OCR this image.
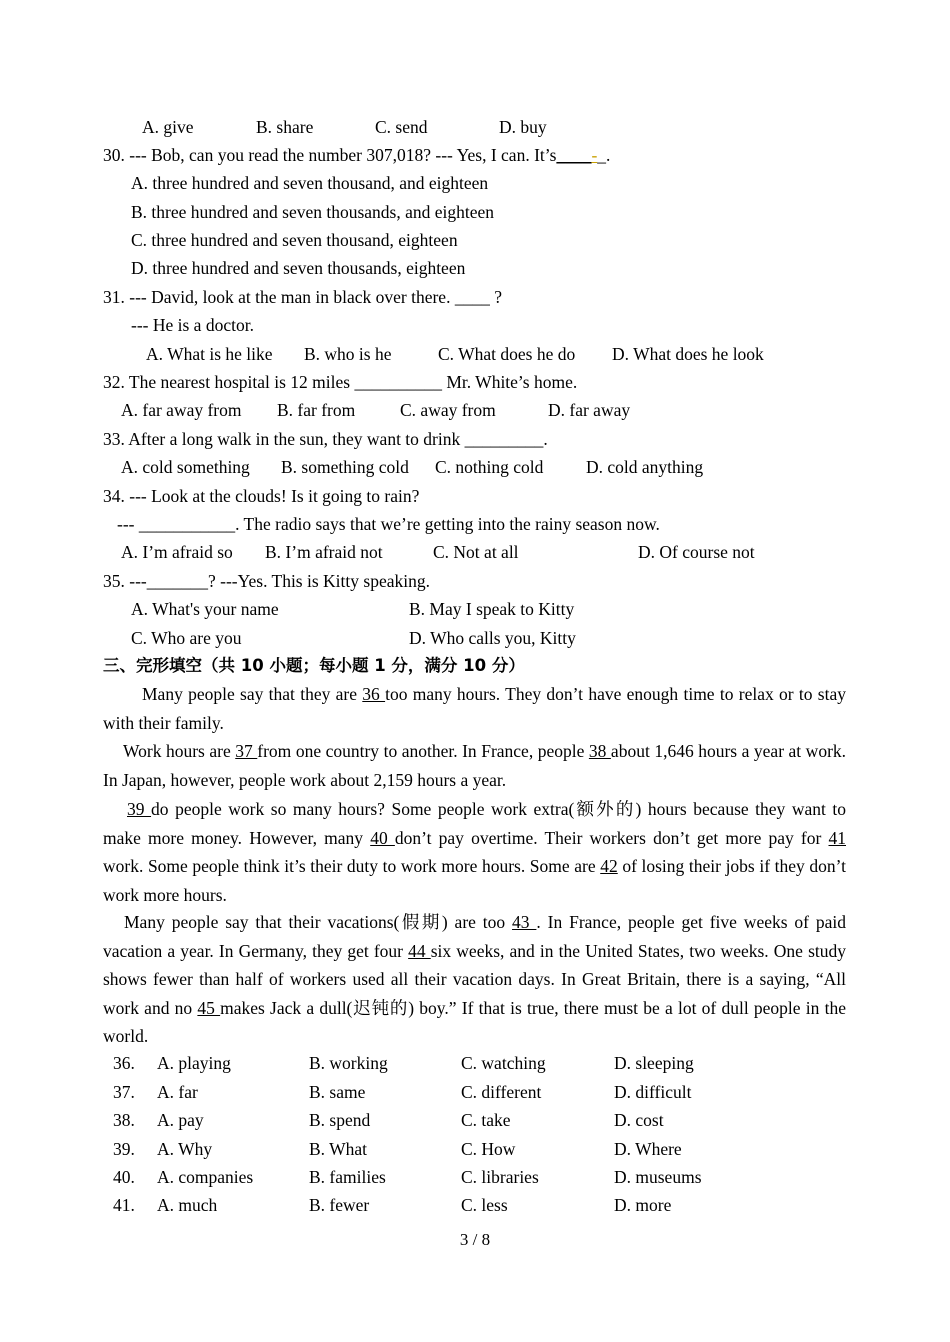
A. give	B. share	C. send	D. buy
30. --- Bob, can you read the number 307,018? --- Yes, I can. It’s____-_.
A. three hundred and seven thousand, and eighteen
B. three hundred and seven thousands, and eighteen
C. three hundred and seven thousand, eighteen
D. three hundred and seven thousands, eighteen
31. --- David, look at the man in black over there. ____ ?
--- He is a doctor.
A. What is he like B. who is he	C. What does he do D. What does he look
32. The nearest hospital is 12 miles __________ Mr. White’s home.
A. far away from B. far from	C. away from	D. far away
33. After a long walk in the sun, they want to drink _________.
A. cold something B. something cold C. nothing cold D. cold anything
34. --- Look at the clouds! Is it going to rain?
--- ___________. The radio says that we’re getting into the rainy season now.
A. I’m afraid so B. I’m afraid not	C. Not at all	D. Of course not
35. ---_______? ---Yes. This is Kitty speaking.
A. What's your name	B. May I speak to Kitty
C. Who are you	D. Who calls you, Kitty
三、完形填空（共 10 小题；每小题 1 分，满分 10 分）
Many people say that they are 36 too many hours. They don’t have enough time to relax or to stay with their family.
Work hours are 37 from one country to another. In France, people 38 about 1,646 hours a year at work. In Japan, however, people work about 2,159 hours a year.
39 do people work so many hours? Some people work extra(额外的) hours because they want to make more money. However, many 40 don’t pay overtime. Their workers don’t get more pay for 41 work. Some people think it’s their duty to work more hours. Some are 42 of losing their jobs if they don’t work more hours.
Many people say that their vacations(假期) are too 43 . In France, people get five weeks of paid vacation a year. In Germany, they get four 44 six weeks, and in the United States, two weeks. One study shows fewer than half of workers used all their vacation days. In Great Britain, there is a saying, “All work and no 45 makes Jack a dull(迟钝的) boy.” If that is true, there must be a lot of dull people in the world.
36. A. playing	B. working	C. watching	D. sleeping
37. A. far	B. same	C. different	D. difficult
38. A. pay	B. spend	C. take	D. cost
39. A. Why	B. What	C. How	D. Where
40. A. companies	B. families	C. libraries	D. museums
41. A. much	B. fewer	C. less	D. more
3 / 8
